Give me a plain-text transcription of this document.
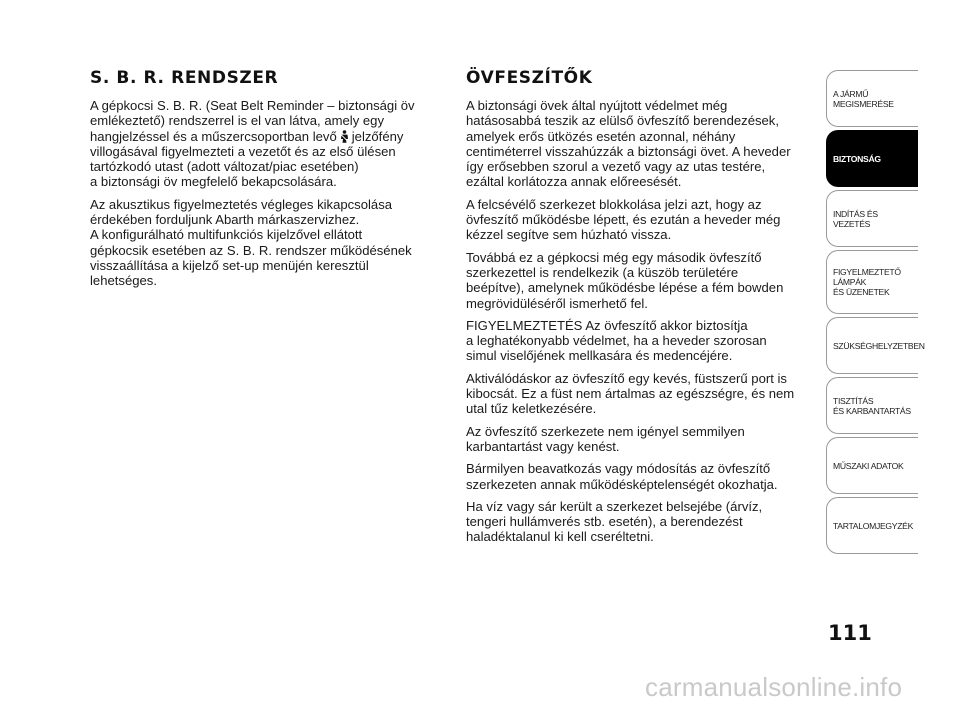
S. B. R. RENDSZER

A gépkocsi S. B. R. (Seat Belt Reminder – biztonsági öv
emlékeztető) rendszerrel is el van látva, amely egy
hangjelzéssel és a műszercsoportban levő jelzőfény
villogásával figyelmezteti a vezetőt és az első ülésen
tartózkodó utast (adott változat/piac esetében)
a biztonsági öv megfelelő bekapcsolására.

Az akusztikus figyelmeztetés végleges kikapcsolása
érdekében forduljunk Abarth márkaszervizhez.
A konfigurálható multifunkciós kijelzővel ellátott
gépkocsik esetében az S. B. R. rendszer működésének
visszaállítása a kijelző set-up menüjén keresztül
lehetséges.

ÖVFESZÍTŐK

A biztonsági övek által nyújtott védelmet még
hatásosabbá teszik az elülső övfeszítő berendezések,
amelyek erős ütközés esetén azonnal, néhány
centiméterrel visszahúzzák a biztonsági övet. A heveder
így erősebben szorul a vezető vagy az utas testére,
ezáltal korlátozza annak előreesését.

A felcsévélő szerkezet blokkolása jelzi azt, hogy az
övfeszítő működésbe lépett, és ezután a heveder még
kézzel segítve sem húzható vissza.

Továbbá ez a gépkocsi még egy második övfeszítő
szerkezettel is rendelkezik (a küszöb területére
beépítve), amelynek működésbe lépése a fém bowden
megrövidüléséről ismerhető fel.

FIGYELMEZTETÉS Az övfeszítő akkor biztosítja
a leghatékonyabb védelmet, ha a heveder szorosan
simul viselőjének mellkasára és medencéjére.

Aktiválódáskor az övfeszítő egy kevés, füstszerű port is
kibocsát. Ez a füst nem ártalmas az egészségre, és nem
utal tűz keletkezésére.

Az övfeszítő szerkezete nem igényel semmilyen
karbantartást vagy kenést.

Bármilyen beavatkozás vagy módosítás az övfeszítő
szerkezeten annak működésképtelenségét okozhatja.

Ha víz vagy sár került a szerkezet belsejébe (árvíz,
tengeri hullámverés stb. esetén), a berendezést
haladéktalanul ki kell cseréltetni.

A JÁRMŰ
MEGISMERÉSE
BIZTONSÁG
INDÍTÁS ÉS VEZETÉS
FIGYELMEZTETŐ
LÁMPÁK
ÉS ÜZENETEK
SZÜKSÉGHELYZETBEN
TISZTÍTÁS
ÉS KARBANTARTÁS
MŰSZAKI ADATOK
TARTALOMJEGYZÉK
111
carmanualsonline.info
